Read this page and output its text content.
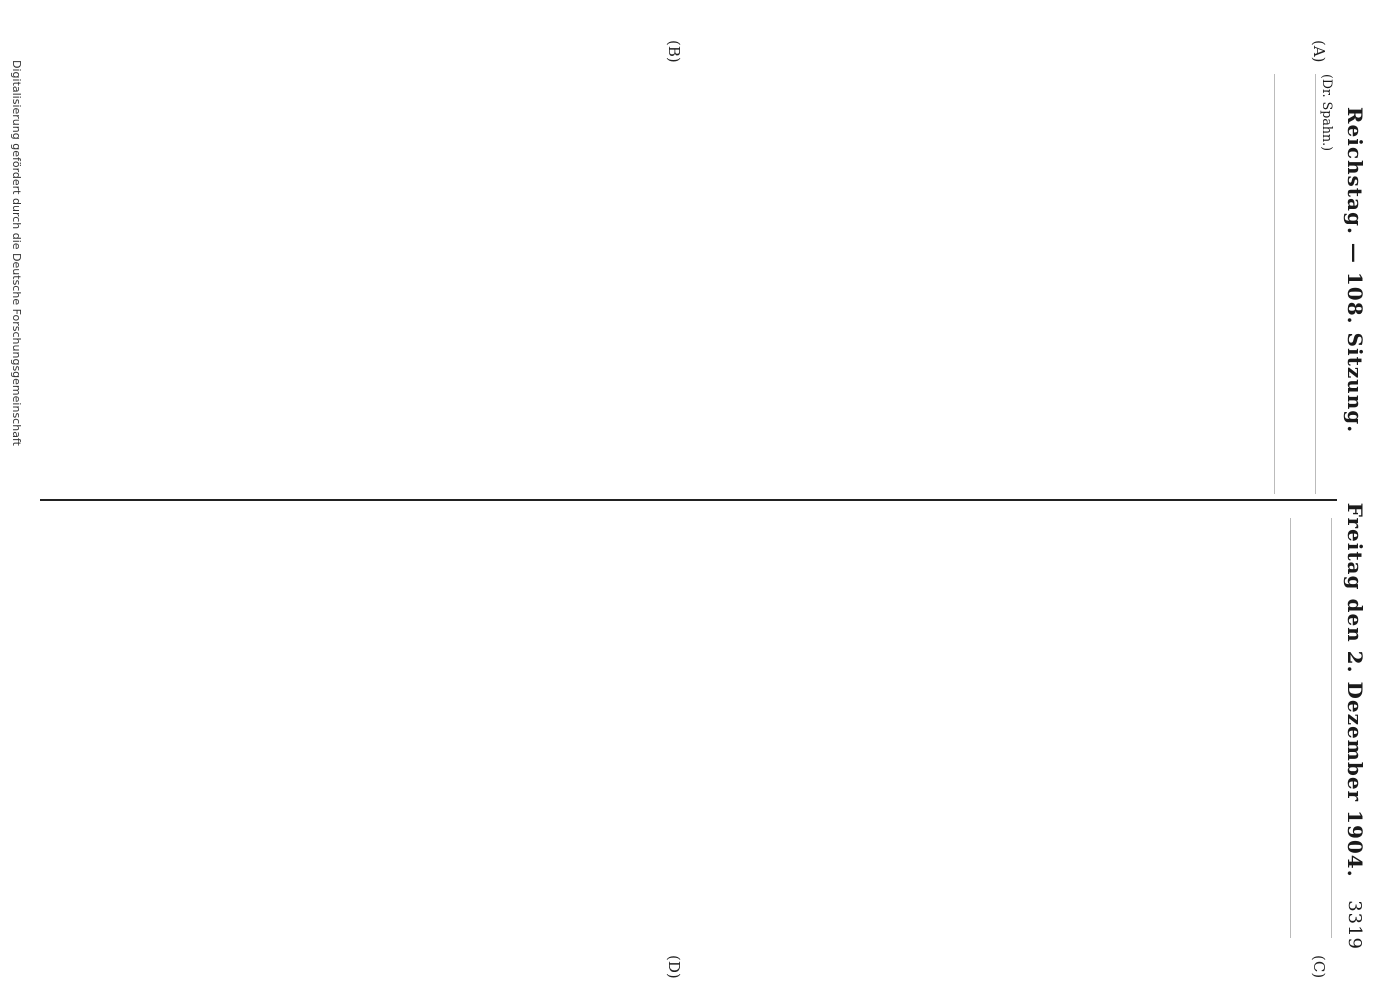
Reichstag. — 108. Sitzung.
Freitag den 2. Dezember 1904.
3319
(A)
(B)
(C)
(D)

(Dr. Spahn.)

Digitalisierung gefördert durch die Deutsche Forschungsgemeinschaft
